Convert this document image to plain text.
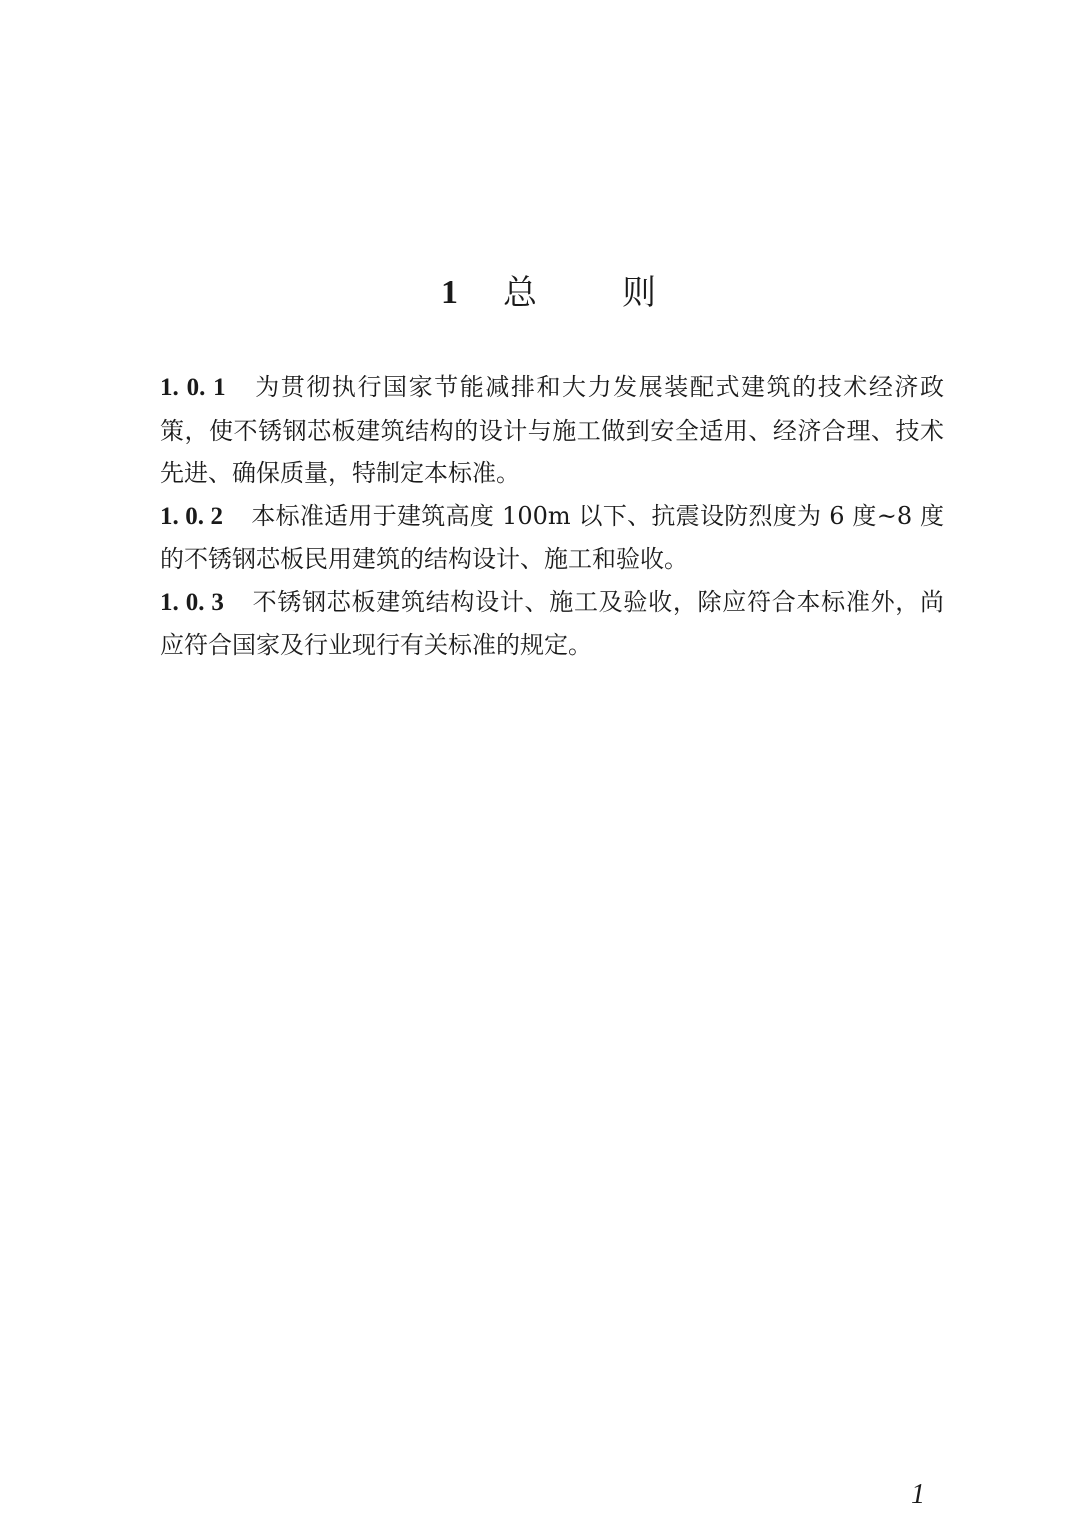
1 总	则

1. 0. 1 为贯彻执行国家节能减排和大力发展装配式建筑的技术经济政策，使不锈钢芯板建筑结构的设计与施工做到安全适用、经济合理、技术先进、确保质量，特制定本标准。

1. 0. 2 本标准适用于建筑高度 100m 以下、抗震设防烈度为 6 度~8 度的不锈钢芯板民用建筑的结构设计、施工和验收。

1. 0. 3 不锈钢芯板建筑结构设计、施工及验收，除应符合本标准外，尚应符合国家及行业现行有关标准的规定。

1
